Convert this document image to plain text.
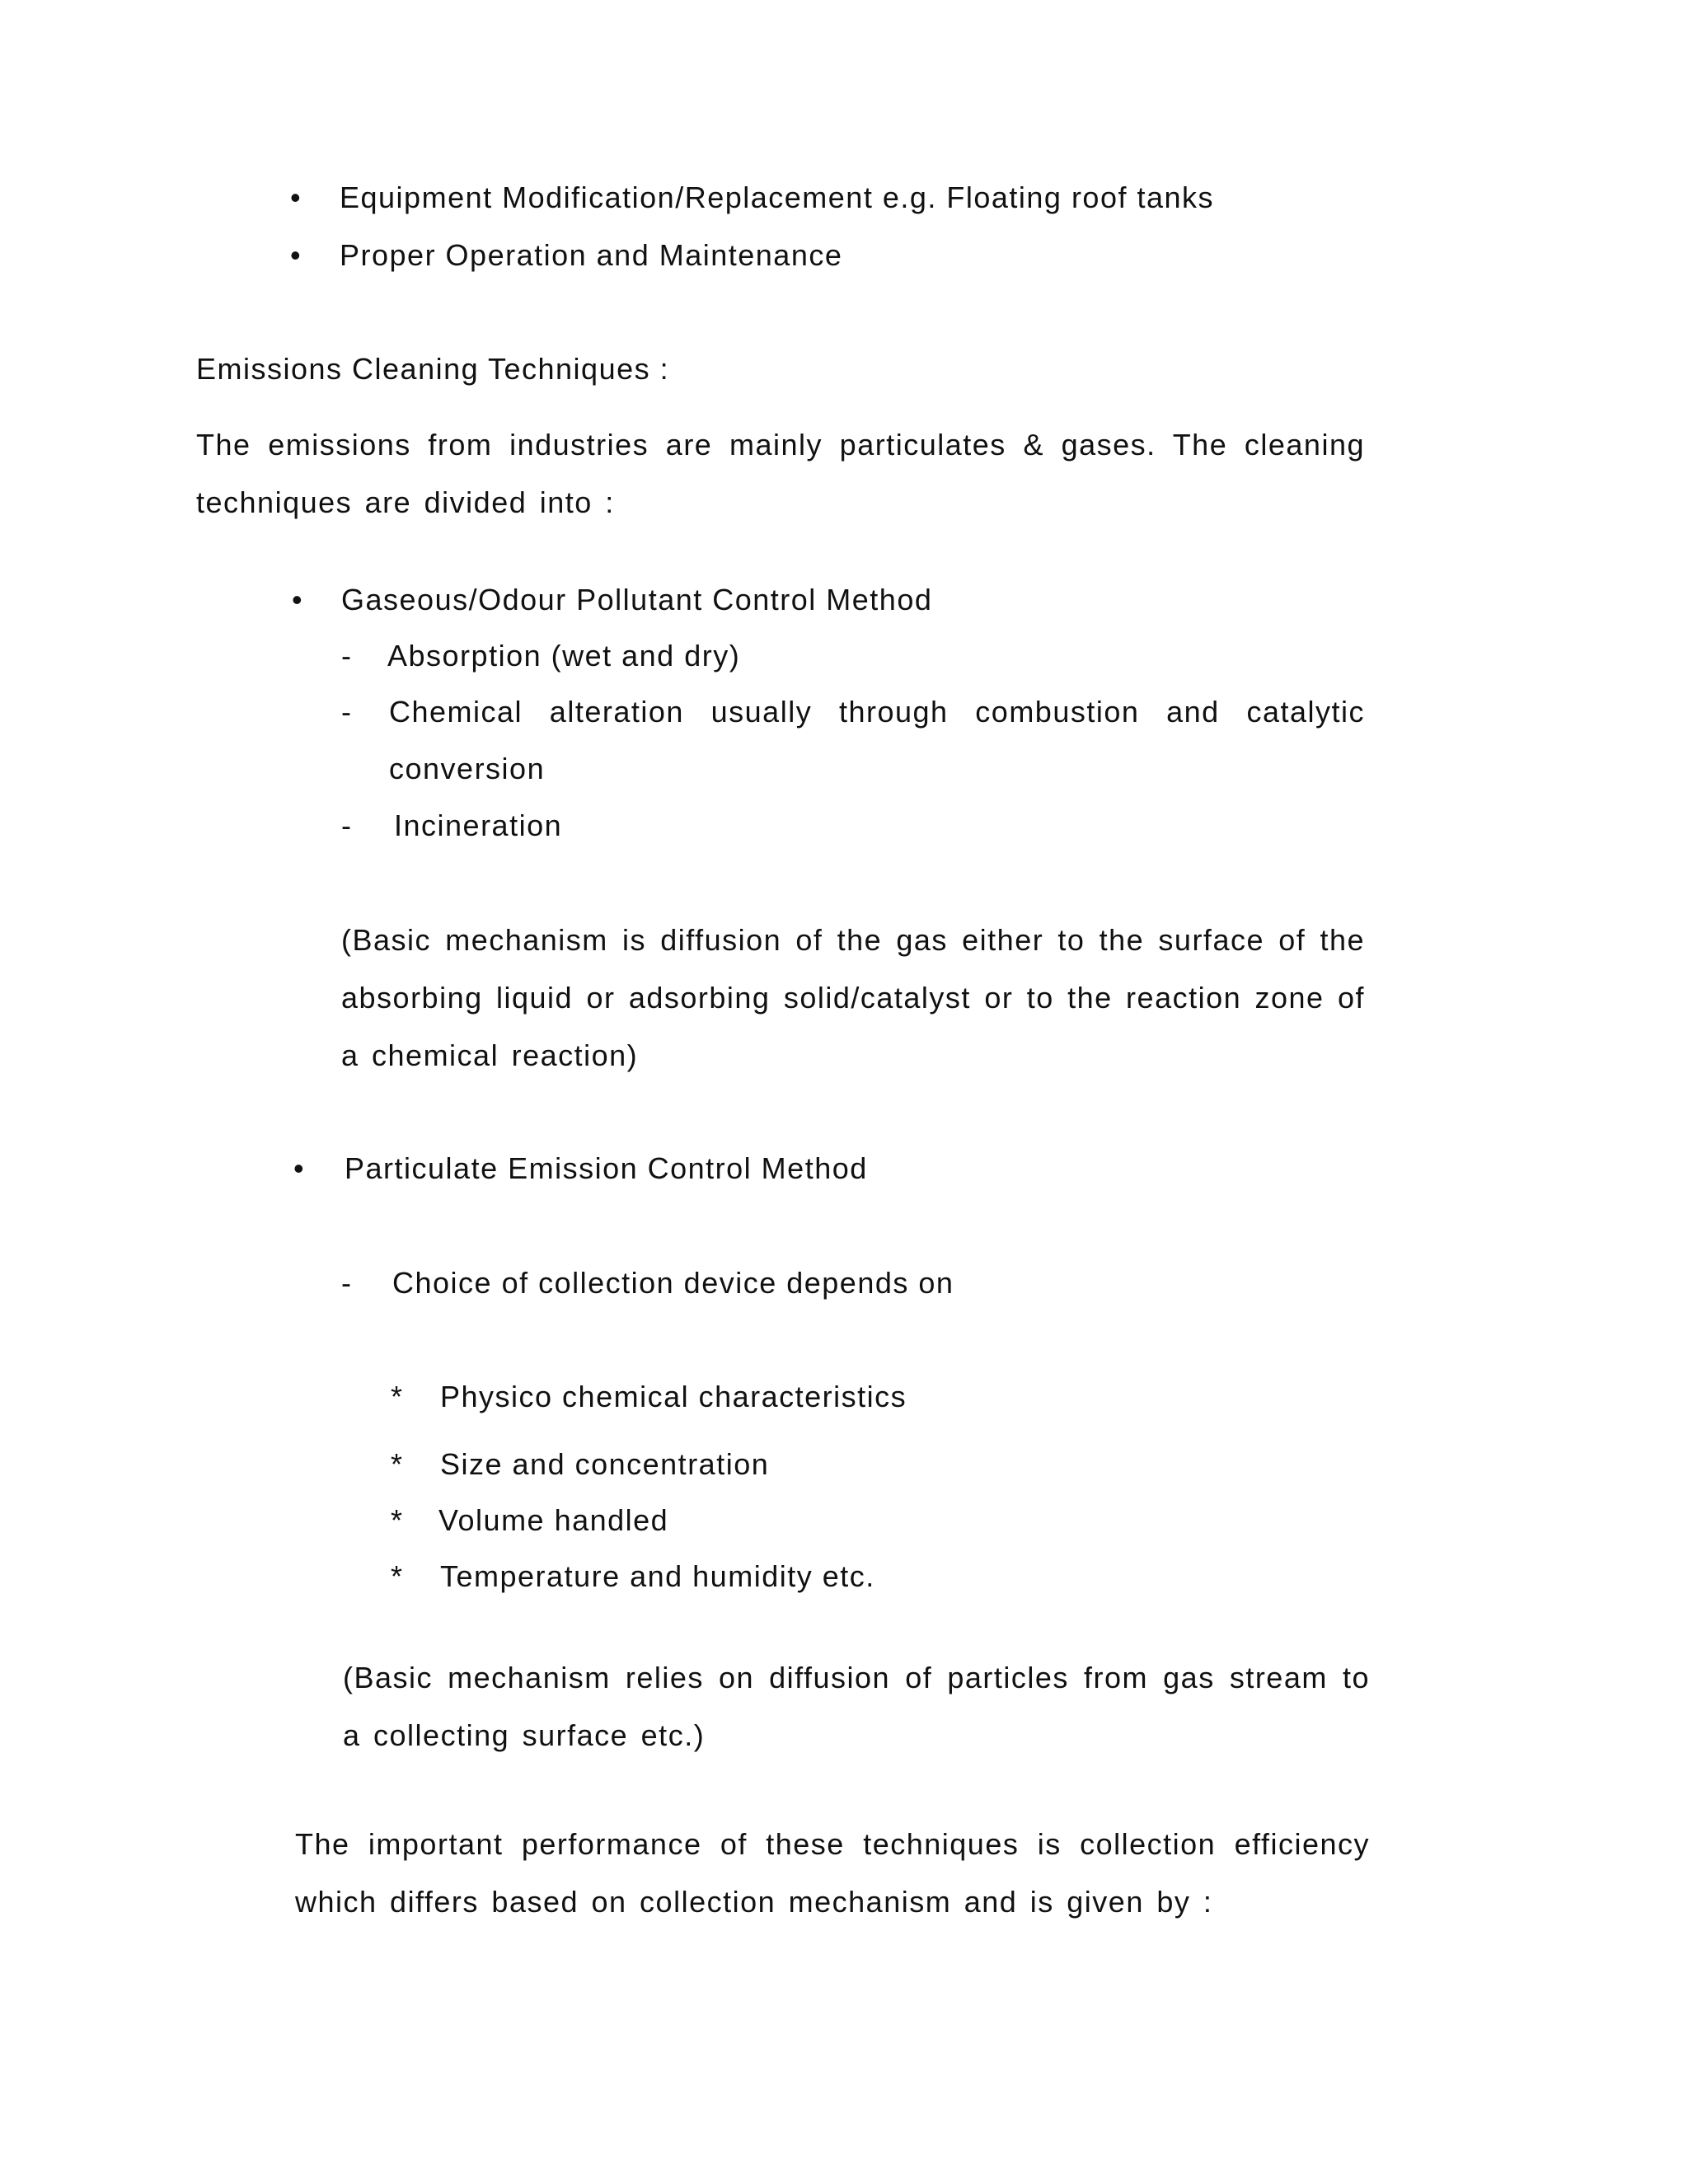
• Equipment Modification/Replacement e.g. Floating roof tanks
• Proper Operation and Maintenance
Emissions Cleaning Techniques :
The emissions from industries are mainly particulates & gases. The cleaning techniques are divided into :
• Gaseous/Odour Pollutant Control Method
- Absorption (wet and dry)
- Chemical alteration usually through combustion and catalytic
conversion
- Incineration
(Basic mechanism is diffusion of the gas either to the surface of the absorbing liquid or adsorbing solid/catalyst or to the reaction zone of a chemical reaction)
• Particulate Emission Control Method
- Choice of collection device depends on
* Physico chemical characteristics
* Size and concentration
* Volume handled
* Temperature and humidity etc.
(Basic mechanism relies on diffusion of particles from gas stream to a collecting surface etc.)
The important performance of these techniques is collection efficiency which differs based on collection mechanism and is given by :
